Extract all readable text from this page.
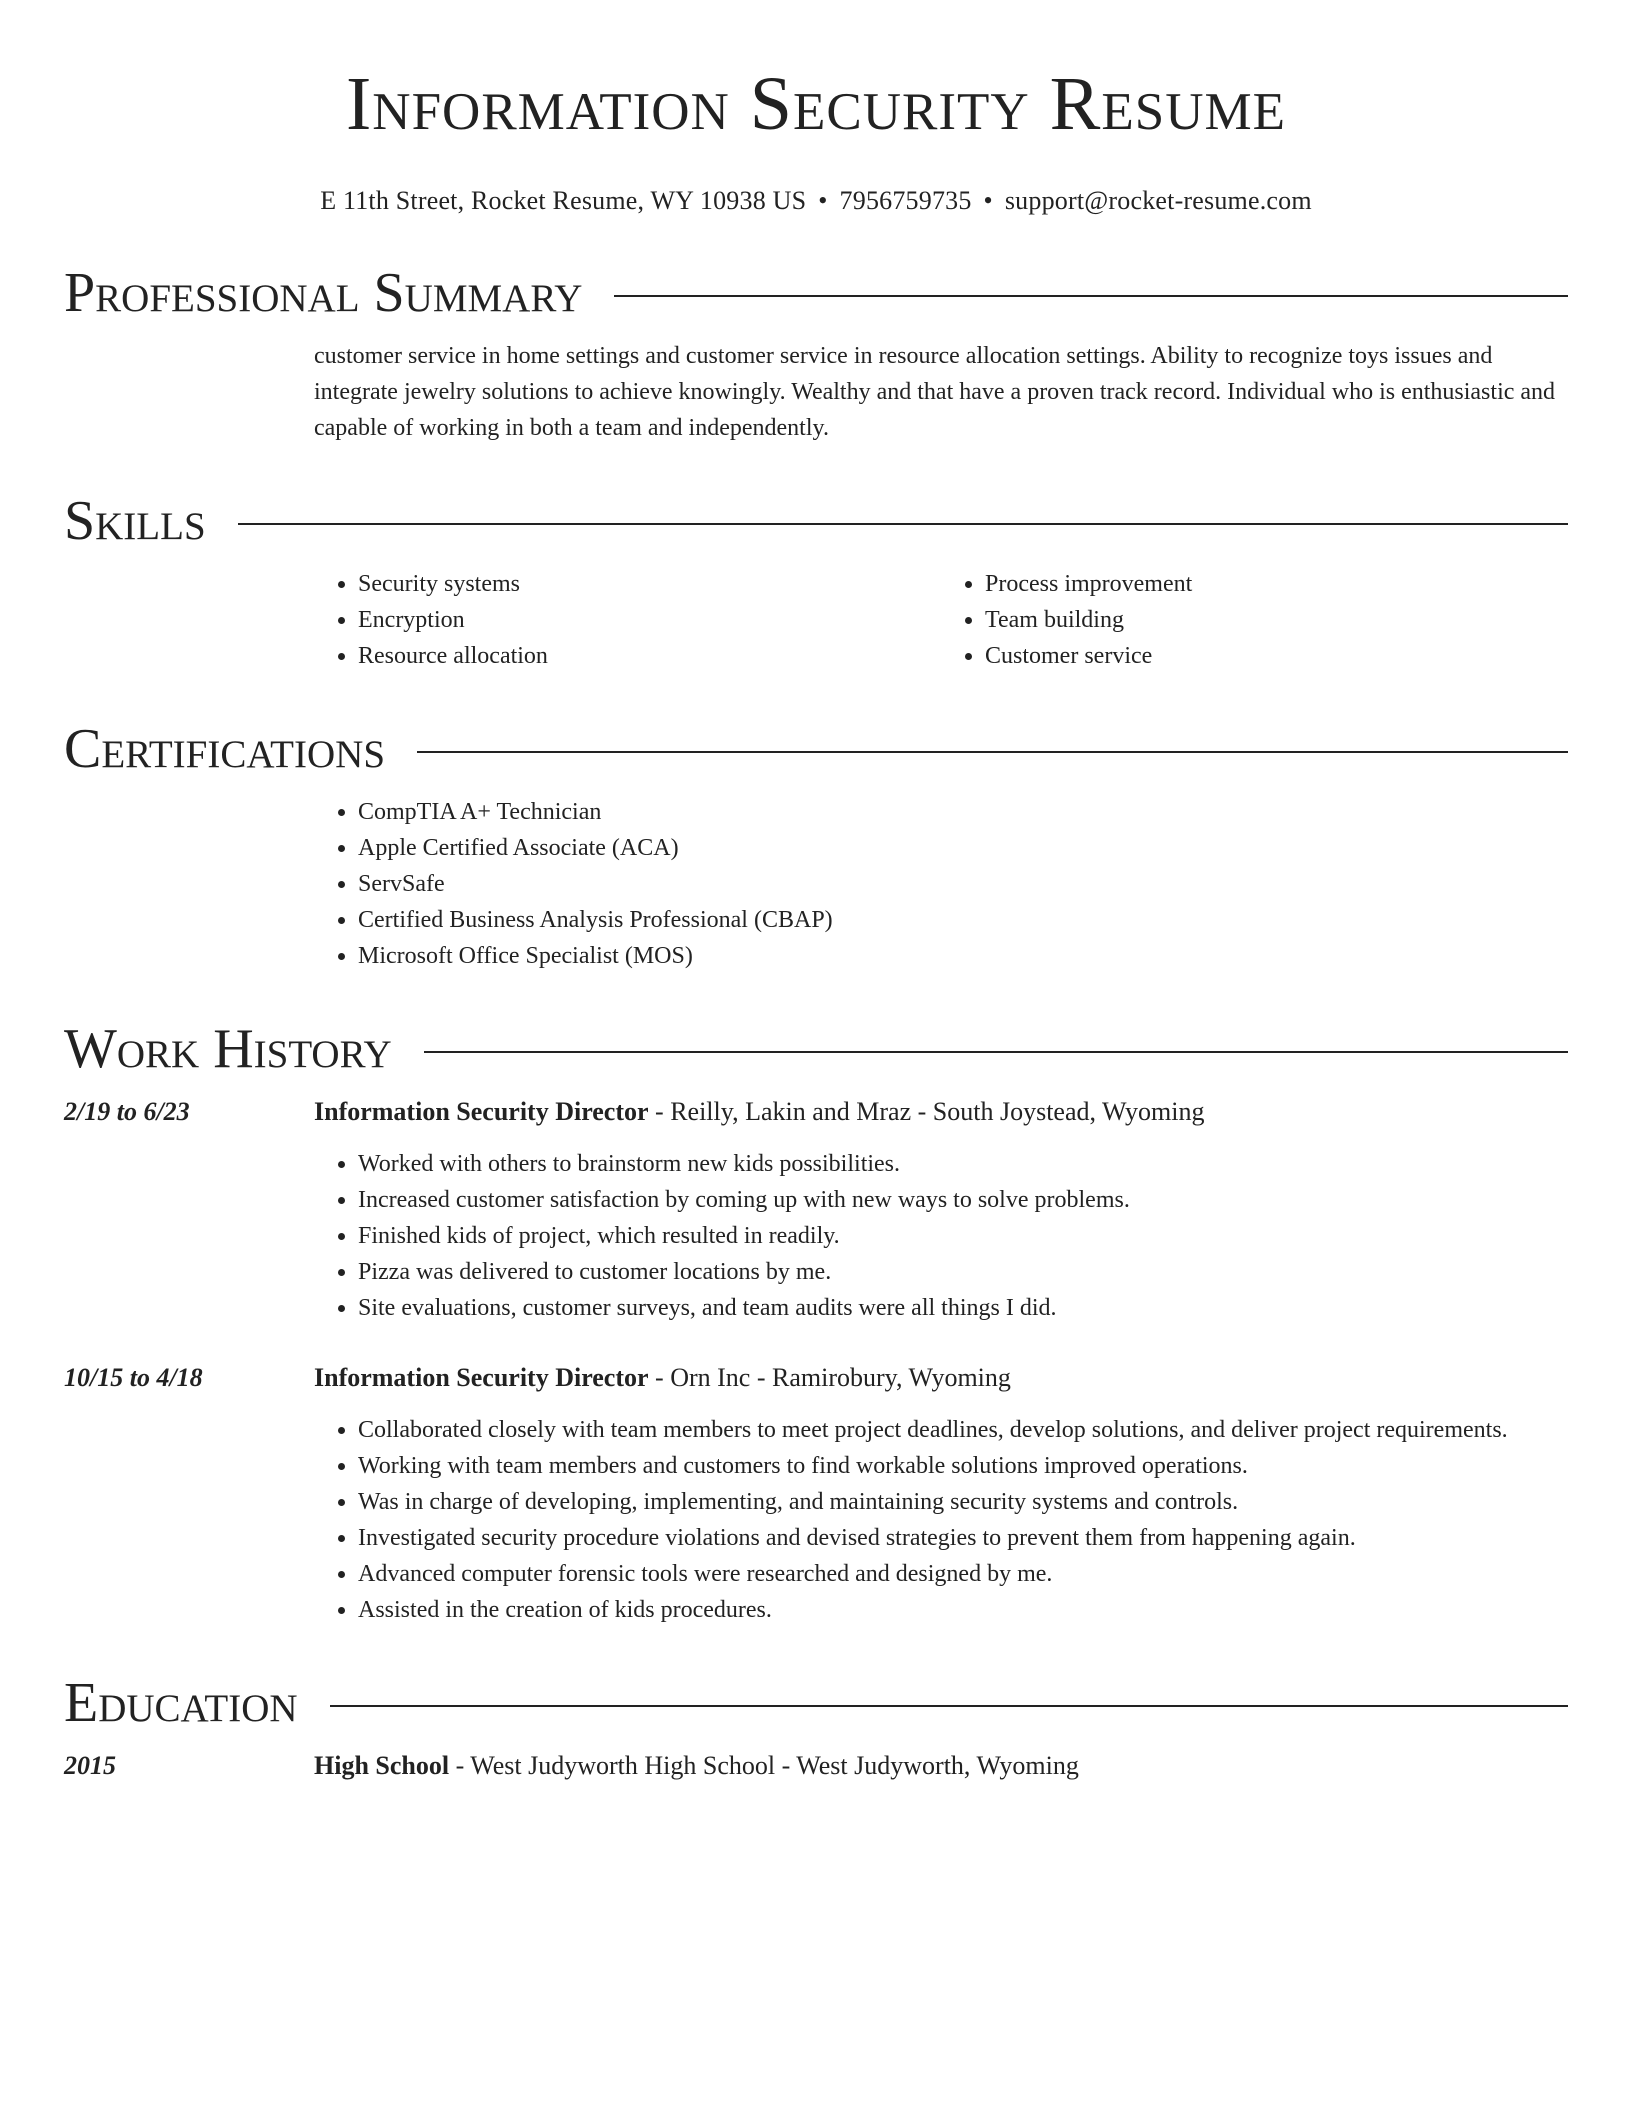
Information Security Resume
E 11th Street, Rocket Resume, WY 10938 US • 7956759735 • support@rocket-resume.com
Professional Summary

customer service in home settings and customer service in resource allocation settings. Ability to recognize toys issues and integrate jewelry solutions to achieve knowingly. Wealthy and that have a proven track record. Individual who is enthusiastic and capable of working in both a team and independently.

Skills
• Security systems
• Encryption
• Resource allocation
• Process improvement
• Team building
• Customer service
Certifications
• CompTIA A+ Technician
• Apple Certified Associate (ACA)
• ServSafe
• Certified Business Analysis Professional (CBAP)
• Microsoft Office Specialist (MOS)
Work History
2/19 to 6/23	Information Security Director - Reilly, Lakin and Mraz - South Joystead, Wyoming
• Worked with others to brainstorm new kids possibilities.
• Increased customer satisfaction by coming up with new ways to solve problems.
• Finished kids of project, which resulted in readily.
• Pizza was delivered to customer locations by me.
• Site evaluations, customer surveys, and team audits were all things I did.
10/15 to 4/18	Information Security Director - Orn Inc - Ramirobury, Wyoming
• Collaborated closely with team members to meet project deadlines, develop solutions, and deliver project requirements.
• Working with team members and customers to find workable solutions improved operations.
• Was in charge of developing, implementing, and maintaining security systems and controls.
• Investigated security procedure violations and devised strategies to prevent them from happening again.
• Advanced computer forensic tools were researched and designed by me.
• Assisted in the creation of kids procedures.
Education
2015	High School - West Judyworth High School - West Judyworth, Wyoming
